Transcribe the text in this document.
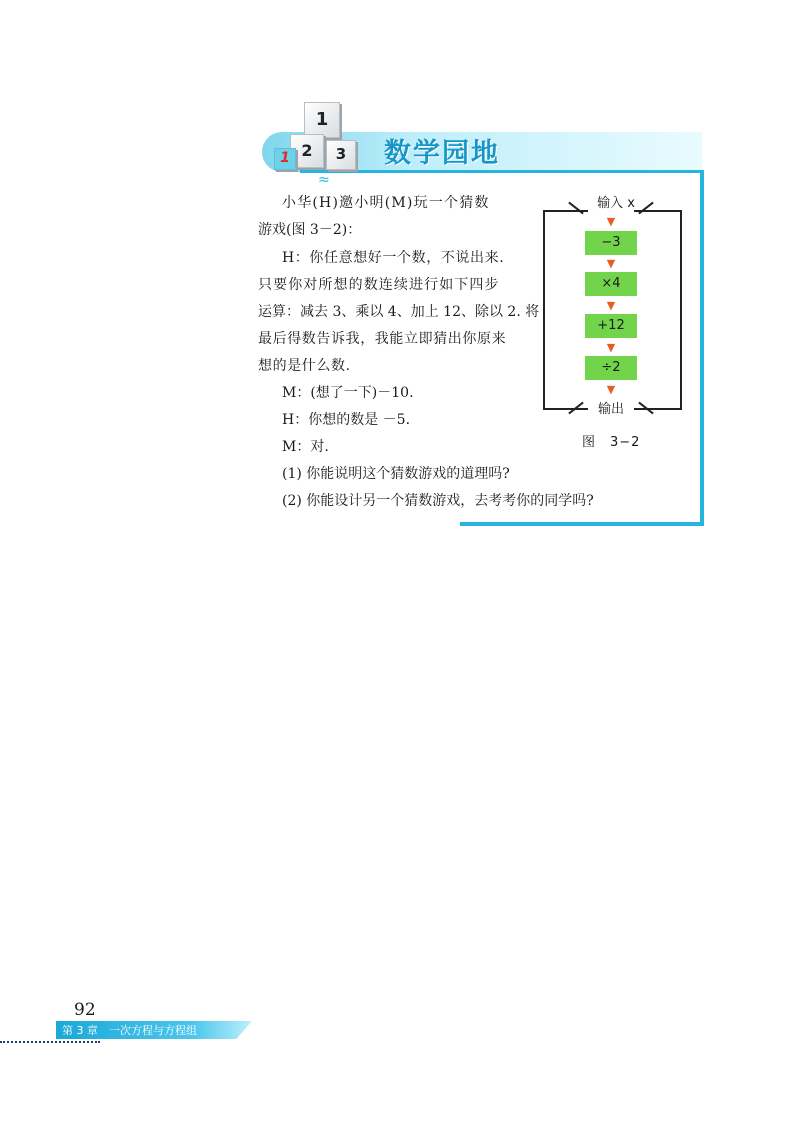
1
2	3
1	数学园地
≈
小华(H)邀小明(M)玩一个猜数
游戏(图 3－2)：
H：你任意想好一个数，不说出来.
只要你对所想的数连续进行如下四步
运算：减去 3、乘以 4、加上 12、除以 2. 将
最后得数告诉我，我能立即猜出你原来
想的是什么数.
M：(想了一下)－10.
H：你想的数是 －5.
M：对.
(1) 你能说明这个猜数游戏的道理吗?
(2) 你能设计另一个猜数游戏，去考考你的同学吗?
输入 x
▼
−3
▼
×4
▼
+12
▼
÷2
▼
输出
图　3−2
92
第 3 章　一次方程与方程组
